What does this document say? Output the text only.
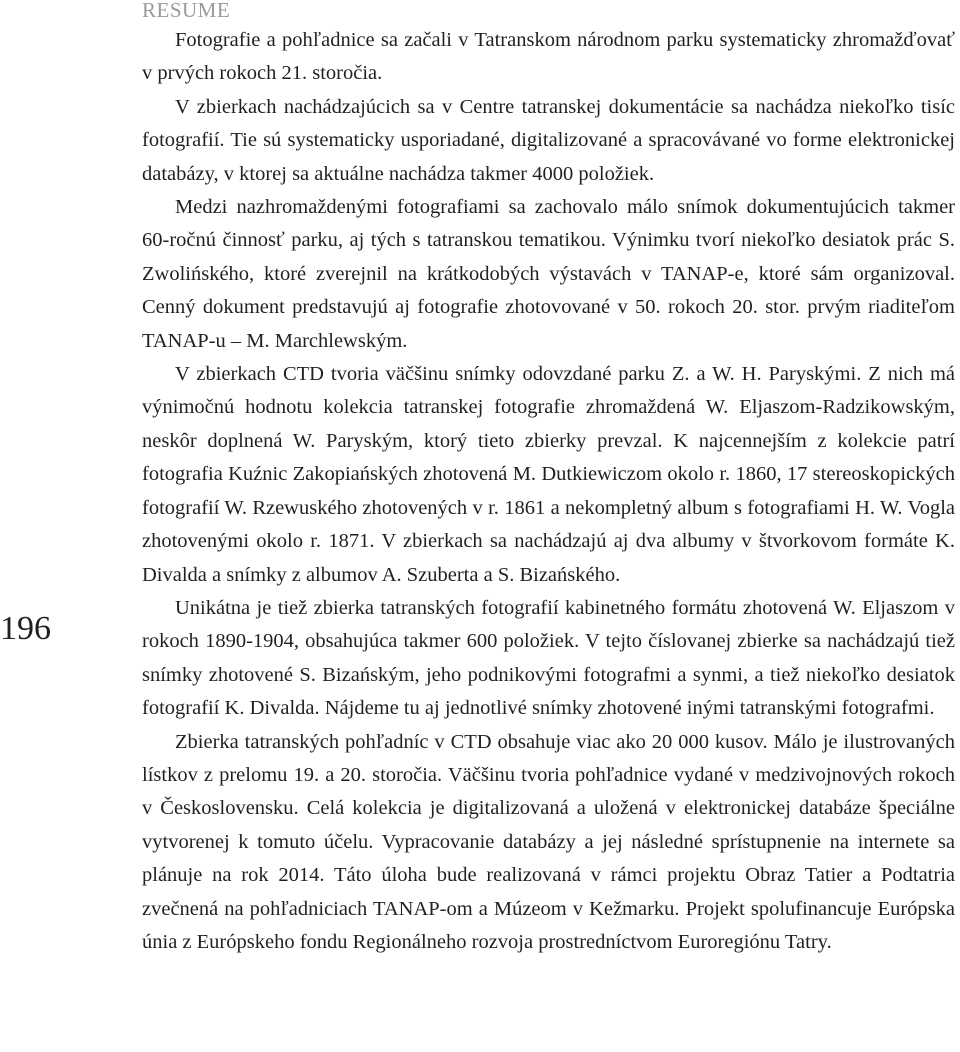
RESUME
196

Fotografie a pohľadnice sa začali v Tatranskom národnom parku systematicky zhromažďovať v prvých rokoch 21. storočia.

V zbierkach nachádzajúcich sa v Centre tatranskej dokumentácie sa nachádza niekoľko tisíc fotografií. Tie sú systematicky usporiadané, digitalizované a spracovávané vo forme elektronickej databázy, v ktorej sa aktuálne nachádza takmer 4000 položiek.

Medzi nazhromaždenými fotografiami sa zachovalo málo snímok dokumentujúcich takmer 60-ročnú činnosť parku, aj tých s tatranskou tematikou. Výnimku tvorí niekoľko desiatok prác S. Zwolińského, ktoré zverejnil na krátkodobých výstavách v TANAP-e, ktoré sám organizoval. Cenný dokument predstavujú aj fotografie zhotovované v 50. rokoch 20. stor. prvým riaditeľom TANAP-u – M. Marchlewským.

V zbierkach CTD tvoria väčšinu snímky odovzdané parku Z. a W. H. Paryskými. Z nich má výnimočnú hodnotu kolekcia tatranskej fotografie zhromaždená W. Eljaszom-Radzikowským, neskôr doplnená W. Paryským, ktorý tieto zbierky prevzal. K najcennejším z kolekcie patrí fotografia Kuźnic Zakopiańských zhotovená M. Dutkiewiczom okolo r. 1860, 17 stereoskopických fotografií W. Rzewuského zhotovených v r. 1861 a nekompletný album s fotografiami H. W. Vogla zhotovenými okolo r. 1871. V zbierkach sa nachádzajú aj dva albumy v štvorkovom formáte K. Divalda a snímky z albumov A. Szuberta a S. Bizańského.

Unikátna je tiež zbierka tatranských fotografií kabinetného formátu zhotovená W. Eljaszom v rokoch 1890-1904, obsahujúca takmer 600 položiek. V tejto číslovanej zbierke sa nachádzajú tiež snímky zhotovené S. Bizańským, jeho podnikovými fotografmi a synmi, a tiež niekoľko desiatok fotografií K. Divalda. Nájdeme tu aj jednotlivé snímky zhotovené inými tatranskými fotografmi.

Zbierka tatranských pohľadníc v CTD obsahuje viac ako 20 000 kusov. Málo je ilustrovaných lístkov z prelomu 19. a 20. storočia. Väčšinu tvoria pohľadnice vydané v medzivojnových rokoch v Československu. Celá kolekcia je digitalizovaná a uložená v elektronickej databáze špeciálne vytvorenej k tomuto účelu. Vypracovanie databázy a jej následné sprístupnenie na internete sa plánuje na rok 2014. Táto úloha bude realizovaná v rámci projektu Obraz Tatier a Podtatria zvečnená na pohľadniciach TANAP-om a Múzeom v Kežmarku. Projekt spolufinancuje Európska únia z Európskeho fondu Regionálneho rozvoja prostredníctvom Euroregiónu Tatry.
